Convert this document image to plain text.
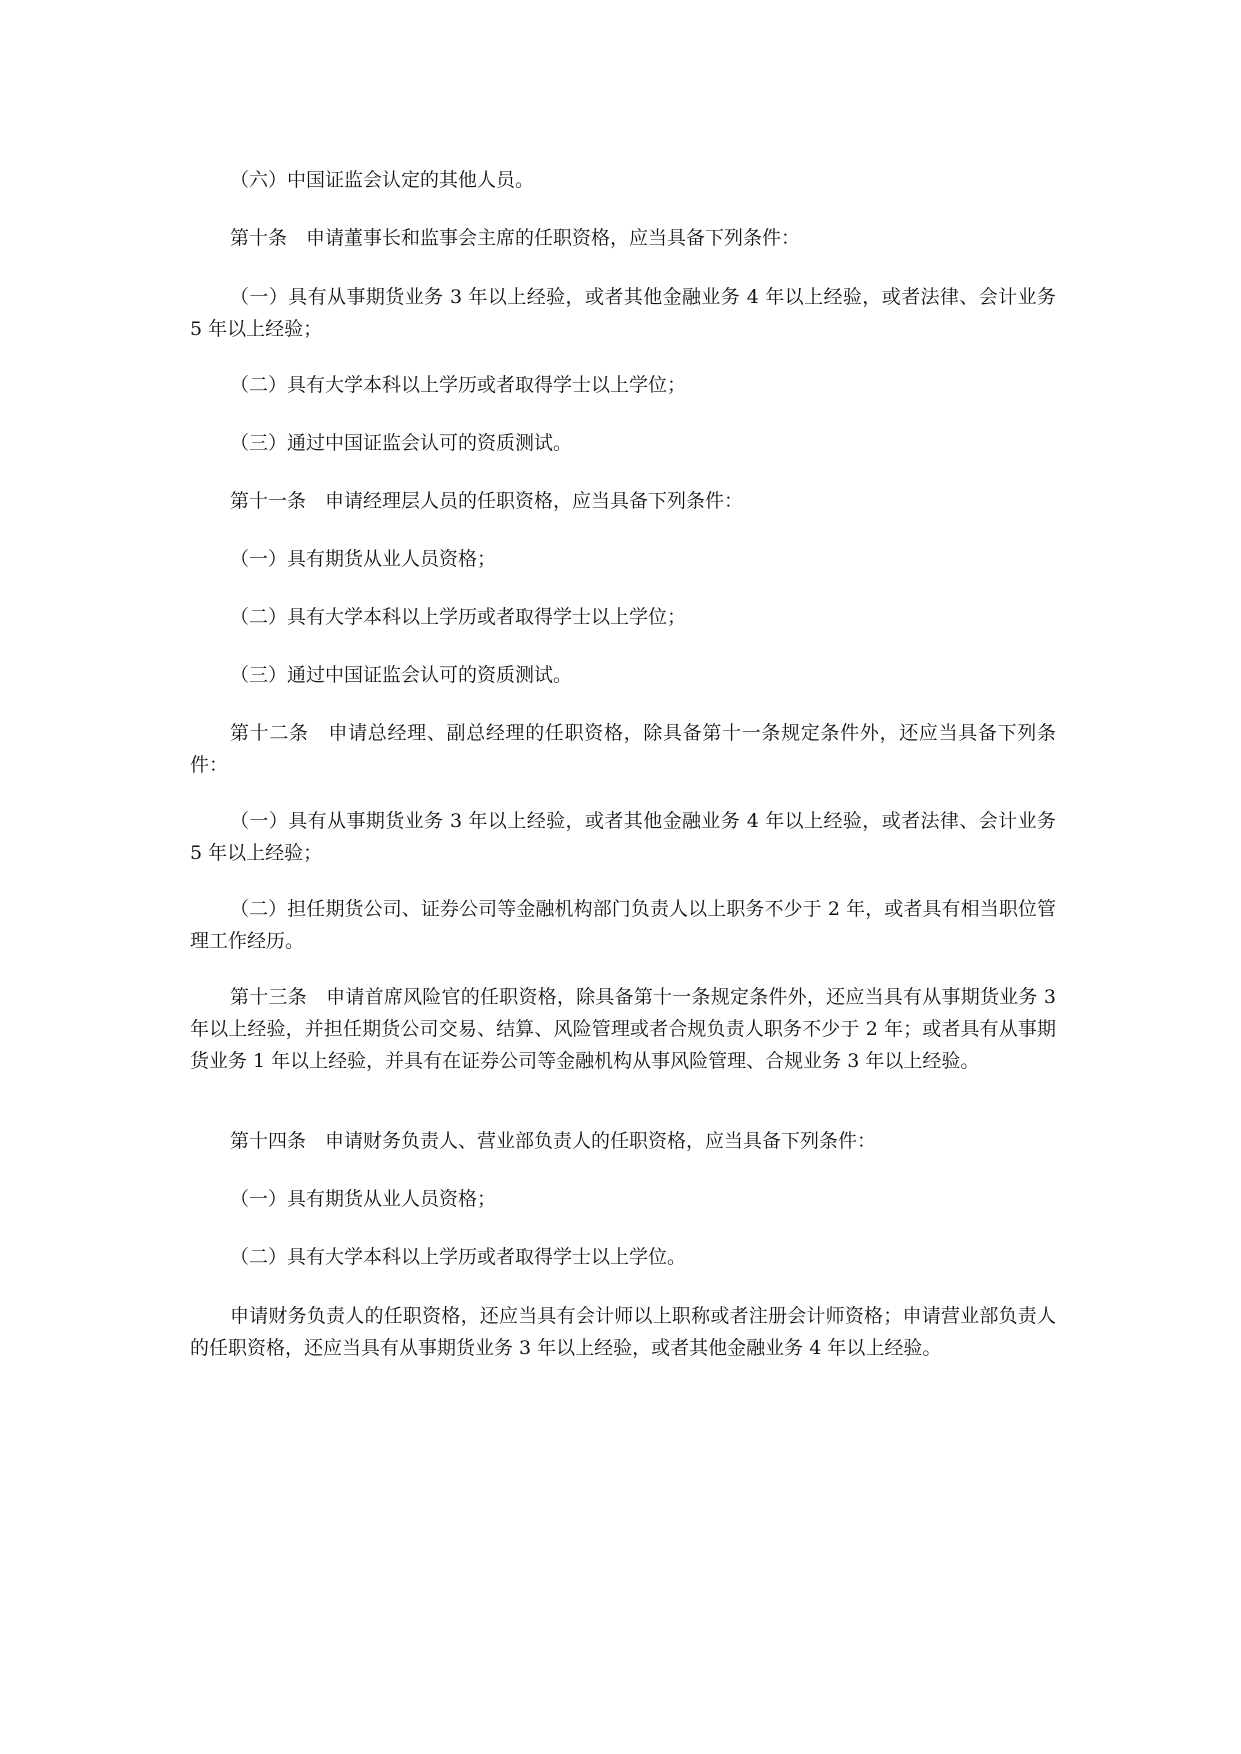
（六）中国证监会认定的其他人员。

第十条　申请董事长和监事会主席的任职资格，应当具备下列条件：

（一）具有从事期货业务 3 年以上经验，或者其他金融业务 4 年以上经验，或者法律、会计业务 5 年以上经验；

（二）具有大学本科以上学历或者取得学士以上学位；

（三）通过中国证监会认可的资质测试。

第十一条　申请经理层人员的任职资格，应当具备下列条件：

（一）具有期货从业人员资格；

（二）具有大学本科以上学历或者取得学士以上学位；

（三）通过中国证监会认可的资质测试。

第十二条　申请总经理、副总经理的任职资格，除具备第十一条规定条件外，还应当具备下列条件：

（一）具有从事期货业务 3 年以上经验，或者其他金融业务 4 年以上经验，或者法律、会计业务 5 年以上经验；

（二）担任期货公司、证券公司等金融机构部门负责人以上职务不少于 2 年，或者具有相当职位管理工作经历。

第十三条　申请首席风险官的任职资格，除具备第十一条规定条件外，还应当具有从事期货业务 3 年以上经验，并担任期货公司交易、结算、风险管理或者合规负责人职务不少于 2 年；或者具有从事期货业务 1 年以上经验，并具有在证券公司等金融机构从事风险管理、合规业务 3 年以上经验。

第十四条　申请财务负责人、营业部负责人的任职资格，应当具备下列条件：

（一）具有期货从业人员资格；

（二）具有大学本科以上学历或者取得学士以上学位。

申请财务负责人的任职资格，还应当具有会计师以上职称或者注册会计师资格；申请营业部负责人的任职资格，还应当具有从事期货业务 3 年以上经验，或者其他金融业务 4 年以上经验。
